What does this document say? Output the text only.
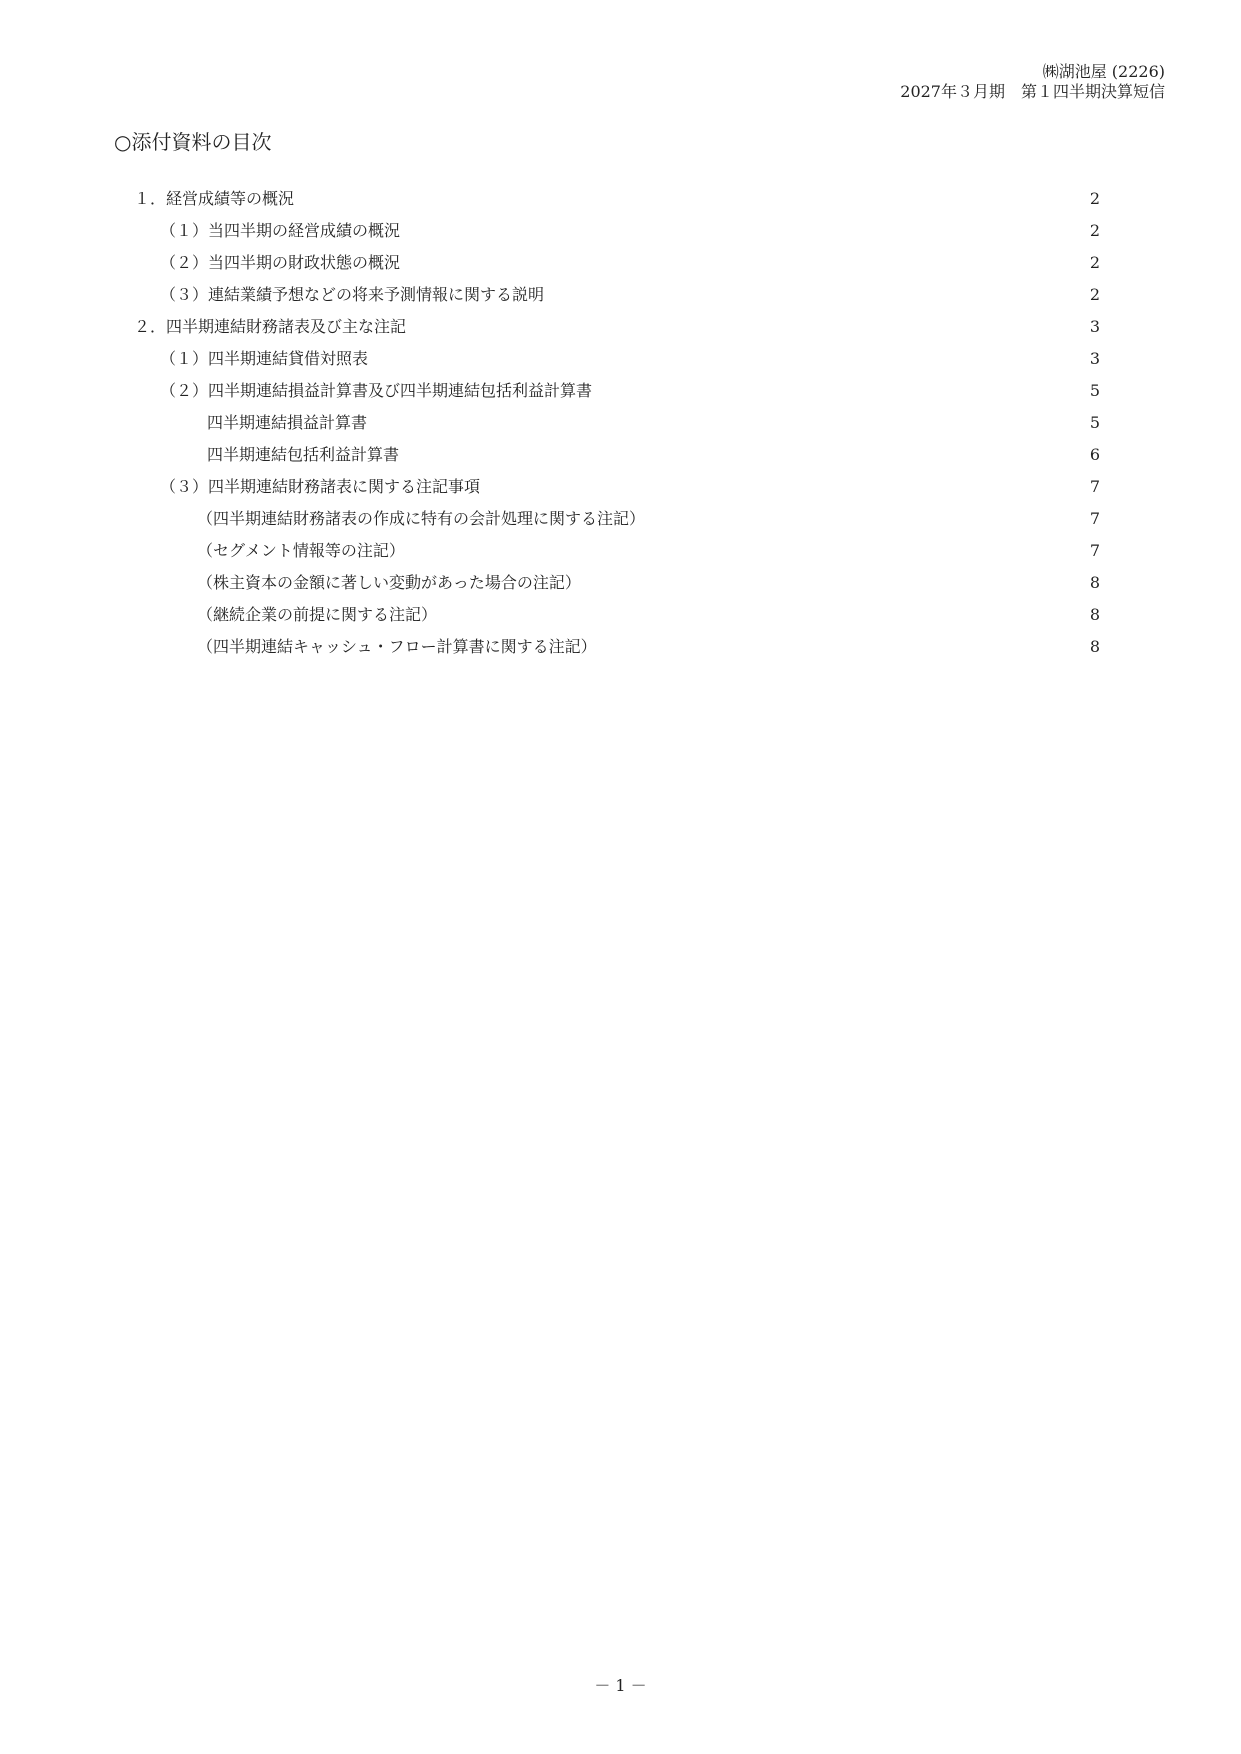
㈱湖池屋 (2226)
2027年３月期　第１四半期決算短信
○添付資料の目次
１．経営成績等の概況	2
（１）当四半期の経営成績の概況	2
（２）当四半期の財政状態の概況	2
（３）連結業績予想などの将来予測情報に関する説明	2
２．四半期連結財務諸表及び主な注記	3
（１）四半期連結貸借対照表	3
（２）四半期連結損益計算書及び四半期連結包括利益計算書	5
四半期連結損益計算書	5
四半期連結包括利益計算書	6
（３）四半期連結財務諸表に関する注記事項	7
（四半期連結財務諸表の作成に特有の会計処理に関する注記）	7
（セグメント情報等の注記）	7
（株主資本の金額に著しい変動があった場合の注記）	8
（継続企業の前提に関する注記）	8
（四半期連結キャッシュ・フロー計算書に関する注記）	8
－ 1 －
